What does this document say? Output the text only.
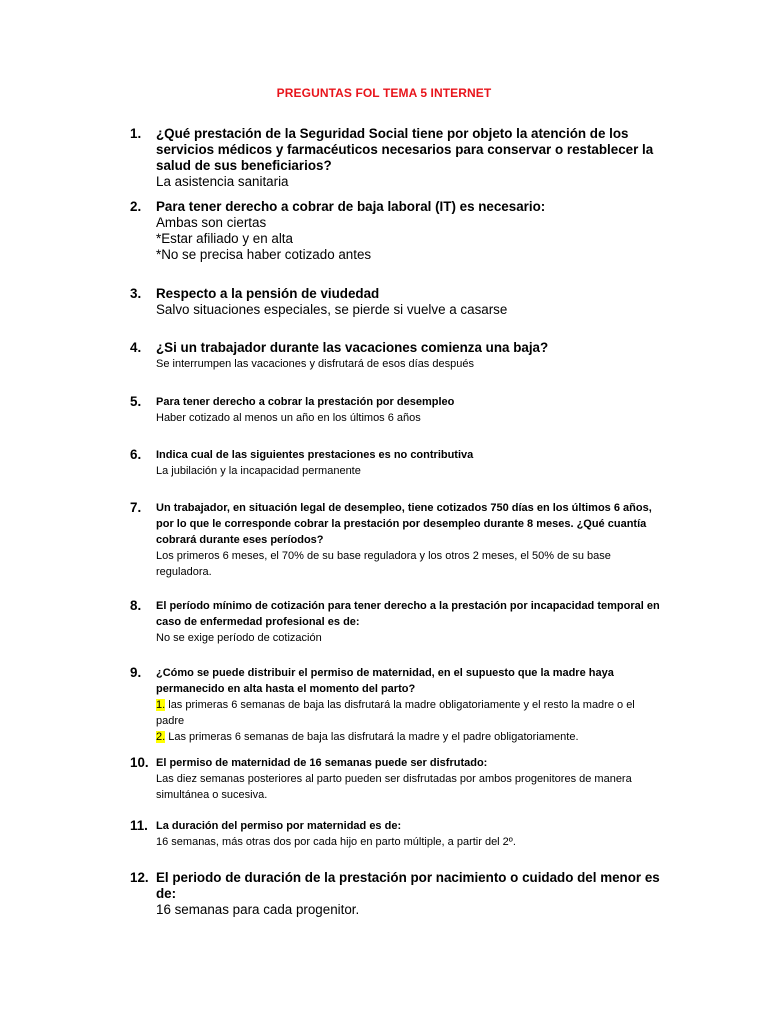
PREGUNTAS FOL TEMA 5 INTERNET
1. ¿Qué prestación de la Seguridad Social tiene por objeto la atención de los servicios médicos y farmacéuticos necesarios para conservar o restablecer la salud de sus beneficiarios?
La asistencia sanitaria
2. Para tener derecho a cobrar de baja laboral (IT) es necesario:
Ambas son ciertas
*Estar afiliado y en alta
*No se precisa haber cotizado antes
3. Respecto a la pensión de viudedad
Salvo situaciones especiales, se pierde si vuelve a casarse
4. ¿Si un trabajador durante las vacaciones comienza una baja?
Se interrumpen las vacaciones y disfrutará de esos días después
5. Para tener derecho a cobrar la prestación por desempleo
Haber cotizado al menos un año en los últimos 6 años
6. Indica cual de las siguientes prestaciones es no contributiva
La jubilación y la incapacidad permanente
7. Un trabajador, en situación legal de desempleo, tiene cotizados 750 días en los últimos 6 años, por lo que le corresponde cobrar la prestación por desempleo durante 8 meses. ¿Qué cuantía cobrará durante eses períodos?
Los primeros 6 meses, el 70% de su base reguladora y los otros 2 meses, el 50% de su base reguladora.
8. El período mínimo de cotización para tener derecho a la prestación por incapacidad temporal en caso de enfermedad profesional es de:
No se exige período de cotización
9. ¿Cómo se puede distribuir el permiso de maternidad, en el supuesto que la madre haya permanecido en alta hasta el momento del parto?
1. las primeras 6 semanas de baja las disfrutará la madre obligatoriamente y el resto la madre o el padre
2. Las primeras 6 semanas de baja las disfrutará la madre y el padre obligatoriamente.
10. El permiso de maternidad de 16 semanas puede ser disfrutado:
Las diez semanas posteriores al parto pueden ser disfrutadas por ambos progenitores de manera simultánea o sucesiva.
11. La duración del permiso por maternidad es de:
16 semanas, más otras dos por cada hijo en parto múltiple, a partir del 2º.
12. El periodo de duración de la prestación por nacimiento o cuidado del menor es de:
16 semanas para cada progenitor.
